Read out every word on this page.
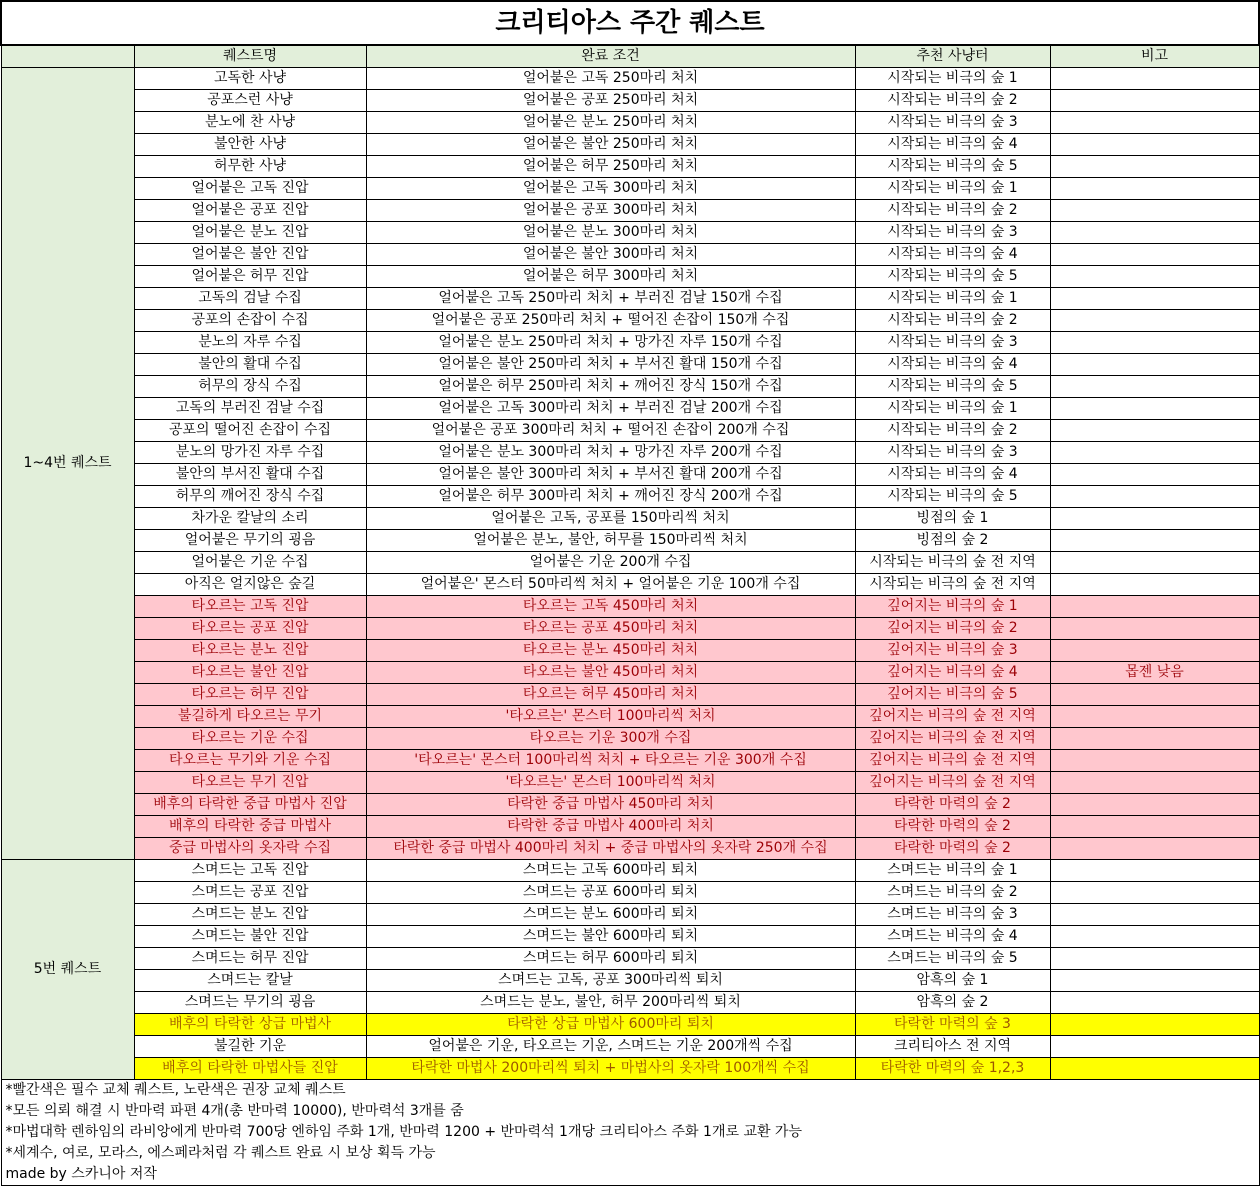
크리티아스 주간 퀘스트				
	퀘스트명	완료 조건	추천 사냥터	비고
1~4번 퀘스트	고독한 사냥	얼어붙은 고독 250마리 처치	시작되는 비극의 숲 1	
	공포스런 사냥	얼어붙은 공포 250마리 처치	시작되는 비극의 숲 2	
	분노에 찬 사냥	얼어붙은 분노 250마리 처치	시작되는 비극의 숲 3	
	불안한 사냥	얼어붙은 불안 250마리 처치	시작되는 비극의 숲 4	
	허무한 사냥	얼어붙은 허무 250마리 처치	시작되는 비극의 숲 5	
	얼어붙은 고독 진압	얼어붙은 고독 300마리 처치	시작되는 비극의 숲 1	
	얼어붙은 공포 진압	얼어붙은 공포 300마리 처치	시작되는 비극의 숲 2	
	얼어붙은 분노 진압	얼어붙은 분노 300마리 처치	시작되는 비극의 숲 3	
	얼어붙은 불안 진압	얼어붙은 불안 300마리 처치	시작되는 비극의 숲 4	
	얼어붙은 허무 진압	얼어붙은 허무 300마리 처치	시작되는 비극의 숲 5	
	고독의 검날 수집	얼어붙은 고독 250마리 처치 + 부러진 검날 150개 수집	시작되는 비극의 숲 1	
	공포의 손잡이 수집	얼어붙은 공포 250마리 처치 + 떨어진 손잡이 150개 수집	시작되는 비극의 숲 2	
	분노의 자루 수집	얼어붙은 분노 250마리 처치 + 망가진 자루 150개 수집	시작되는 비극의 숲 3	
	불안의 활대 수집	얼어붙은 불안 250마리 처치 + 부서진 활대 150개 수집	시작되는 비극의 숲 4	
	허무의 장식 수집	얼어붙은 허무 250마리 처치 + 깨어진 장식 150개 수집	시작되는 비극의 숲 5	
	고독의 부러진 검날 수집	얼어붙은 고독 300마리 처치 + 부러진 검날 200개 수집	시작되는 비극의 숲 1	
	공포의 떨어진 손잡이 수집	얼어붙은 공포 300마리 처치 + 떨어진 손잡이 200개 수집	시작되는 비극의 숲 2	
	분노의 망가진 자루 수집	얼어붙은 분노 300마리 처치 + 망가진 자루 200개 수집	시작되는 비극의 숲 3	
	불안의 부서진 활대 수집	얼어붙은 불안 300마리 처치 + 부서진 활대 200개 수집	시작되는 비극의 숲 4	
	허무의 깨어진 장식 수집	얼어붙은 허무 300마리 처치 + 깨어진 장식 200개 수집	시작되는 비극의 숲 5	
	차가운 칼날의 소리	얼어붙은 고독, 공포를 150마리씩 처치	빙점의 숲 1	
	얼어붙은 무기의 굉음	얼어붙은 분노, 불안, 허무를 150마리씩 처치	빙점의 숲 2	
	얼어붙은 기운 수집	얼어붙은 기운 200개 수집	시작되는 비극의 숲 전 지역	
	아직은 얼지않은 숲길	얼어붙은' 몬스터 50마리씩 처치 + 얼어붙은 기운 100개 수집	시작되는 비극의 숲 전 지역	
	타오르는 고독 진압	타오르는 고독 450마리 처치	깊어지는 비극의 숲 1	
	타오르는 공포 진압	타오르는 공포 450마리 처치	깊어지는 비극의 숲 2	
	타오르는 분노 진압	타오르는 분노 450마리 처치	깊어지는 비극의 숲 3	
	타오르는 불안 진압	타오르는 불안 450마리 처치	깊어지는 비극의 숲 4	몹젠 낮음
	타오르는 허무 진압	타오르는 허무 450마리 처치	깊어지는 비극의 숲 5	
	불길하게 타오르는 무기	'타오르는' 몬스터 100마리씩 처치	깊어지는 비극의 숲 전 지역	
	타오르는 기운 수집	타오르는 기운 300개 수집	깊어지는 비극의 숲 전 지역	
	타오르는 무기와 기운 수집	'타오르는' 몬스터 100마리씩 처치 + 타오르는 기운 300개 수집	깊어지는 비극의 숲 전 지역	
	타오르는 무기 진압	'타오르는' 몬스터 100마리씩 처치	깊어지는 비극의 숲 전 지역	
	배후의 타락한 중급 마법사 진압	타락한 중급 마법사 450마리 처치	타락한 마력의 숲 2	
	배후의 타락한 중급 마법사	타락한 중급 마법사 400마리 처치	타락한 마력의 숲 2	
	중급 마법사의 옷자락 수집	타락한 중급 마법사 400마리 처치 + 중급 마법사의 옷자락 250개 수집	타락한 마력의 숲 2	
5번 퀘스트	스며드는 고독 진압	스며드는 고독 600마리 퇴치	스며드는 비극의 숲 1	
	스며드는 공포 진압	스며드는 공포 600마리 퇴치	스며드는 비극의 숲 2	
	스며드는 분노 진압	스며드는 분노 600마리 퇴치	스며드는 비극의 숲 3	
	스며드는 불안 진압	스며드는 불안 600마리 퇴치	스며드는 비극의 숲 4	
	스며드는 허무 진압	스며드는 허무 600마리 퇴치	스며드는 비극의 숲 5	
	스며드는 칼날	스며드는 고독, 공포 300마리씩 퇴치	암흑의 숲 1	
	스며드는 무기의 굉음	스며드는 분노, 불안, 허무 200마리씩 퇴치	암흑의 숲 2	
	배후의 타락한 상급 마법사	타락한 상급 마법사 600마리 퇴치	타락한 마력의 숲 3	
	불길한 기운	얼어붙은 기운, 타오르는 기운, 스며드는 기운 200개씩 수집	크리티아스 전 지역	
	배후의 타락한 마법사들 진압	타락한 마법사 200마리씩 퇴치 + 마법사의 옷자락 100개씩 수집	타락한 마력의 숲 1,2,3	
*빨간색은 필수 교체 퀘스트, 노란색은 권장 교체 퀘스트				
*모든 의뢰 해결 시 반마력 파편 4개(총 반마력 10000), 반마력석 3개를 줌				
*마법대학 렌하임의 라비앙에게 반마력 700당 엔하임 주화 1개, 반마력 1200 + 반마력석 1개당 크리티아스 주화 1개로 교환 가능				
*세계수, 여로, 모라스, 에스페라처럼 각 퀘스트 완료 시 보상 획득 가능				
made by 스카니아 저작				
